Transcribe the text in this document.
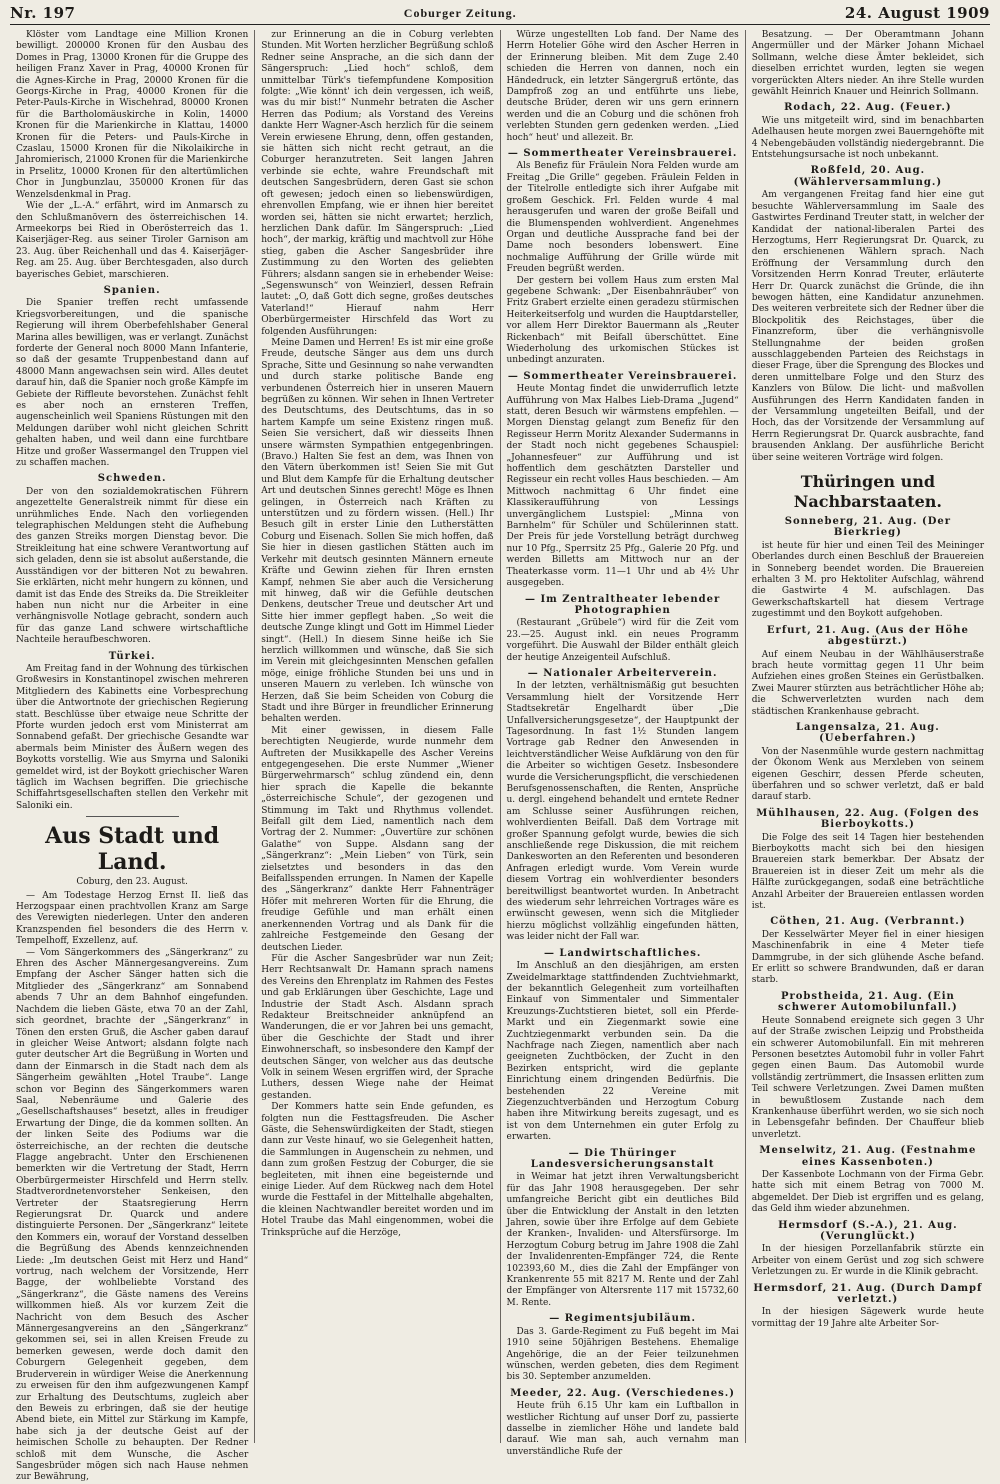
Nr. 197	Coburger Zeitung.	24. August 1909

Klöster vom Landtage eine Million Kronen bewilligt. 200000 Kronen für den Ausbau des Domes in Prag, 13000 Kronen für die Gruppe des heiligen Franz Xaver in Prag, 40000 Kronen für die Agnes-Kirche in Prag, 20000 Kronen für die Georgs-Kirche in Prag, 40000 Kronen für die Peter-Pauls-Kirche in Wischehrad, 80000 Kronen für die Bartholomäuskirche in Kolin, 14000 Kronen für die Marienkirche in Klattau, 14000 Kronen für die Peters- und Pauls-Kirche in Czaslau, 15000 Kronen für die Nikolaikirche in Jahromierisch, 21000 Kronen für die Marienkirche in Prselitz, 10000 Kronen für den altertümlichen Chor in Jungbunzlau, 350000 Kronen für das Wenzelsdenkmal in Prag.

Wie der „L.-A.“ erfährt, wird im Anmarsch zu den Schlußmanövern des österreichischen 14. Armeekorps bei Ried in Oberösterreich das 1. Kaiserjäger-Reg. aus seiner Tiroler Garnison am 23. Aug. über Reichenhall und das 4. Kaiserjäger-Reg. am 25. Aug. über Berchtesgaden, also durch bayerisches Gebiet, marschieren.

Spanien.

Die Spanier treffen recht umfassende Kriegsvorbereitungen, und die spanische Regierung will ihrem Oberbefehlshaber General Marina alles bewilligen, was er verlangt. Zunächst forderte der General noch 8000 Mann Infanterie, so daß der gesamte Truppenbestand dann auf 48000 Mann angewachsen sein wird. Alles deutet darauf hin, daß die Spanier noch große Kämpfe im Gebiete der Riffleute bevorstehen. Zunächst fehlt es aber noch an ernsteren Treffen, augenscheinlich weil Spaniens Rüstungen mit den Meldungen darüber wohl nicht gleichen Schritt gehalten haben, und weil dann eine furchtbare Hitze und großer Wassermangel den Truppen viel zu schaffen machen.

Schweden.

Der von den sozialdemokratischen Führern angezettelte Generalstreik nimmt für diese ein unrühmliches Ende. Nach den vorliegenden telegraphischen Meldungen steht die Aufhebung des ganzen Streiks morgen Dienstag bevor. Die Streikleitung hat eine schwere Verantwortung auf sich geladen, denn sie ist absolut außerstande, die Ausständigen vor der bitteren Not zu bewahren. Sie erklärten, nicht mehr hungern zu können, und damit ist das Ende des Streiks da. Die Streikleiter haben nun nicht nur die Arbeiter in eine verhängnisvolle Notlage gebracht, sondern auch für das ganze Land schwere wirtschaftliche Nachteile heraufbeschworen.

Türkei.

Am Freitag fand in der Wohnung des türkischen Großwesirs in Konstantinopel zwischen mehreren Mitgliedern des Kabinetts eine Vorbesprechung über die Antwortnote der griechischen Regierung statt. Beschlüsse über etwaige neue Schritte der Pforte wurden jedoch erst vom Ministerrat am Sonnabend gefaßt. Der griechische Gesandte war abermals beim Minister des Äußern wegen des Boykotts vorstellig. Wie aus Smyrna und Saloniki gemeldet wird, ist der Boykott griechischer Waren täglich im Wachsen begriffen. Die griechische Schiffahrtsgesellschaften stellen den Verkehr mit Saloniki ein.

Aus Stadt und Land.
Coburg, den 23. August.

— Am Todestage Herzog Ernst II. ließ das Herzogspaar einen prachtvollen Kranz am Sarge des Verewigten niederlegen. Unter den anderen Kranzspenden fiel besonders die des Herrn v. Tempelhoff, Exzellenz, auf.

— Vom Sängerkommers des „Sängerkranz“ zu Ehren des Ascher Männergesangvereins. Zum Empfang der Ascher Sänger hatten sich die Mitglieder des „Sängerkranz“ am Sonnabend abends 7 Uhr an dem Bahnhof eingefunden. Nachdem die lieben Gäste, etwa 70 an der Zahl, sich geordnet, brachte der „Sängerkranz“ in Tönen den ersten Gruß, die Ascher gaben darauf in gleicher Weise Antwort; alsdann folgte nach guter deutscher Art die Begrüßung in Worten und dann der Einmarsch in die Stadt nach dem als Sängerheim gewählten „Hotel Traube“. Lange schon vor Beginn des Sängerkommers waren Saal, Nebenräume und Galerie des „Gesellschaftshauses“ besetzt, alles in freudiger Erwartung der Dinge, die da kommen sollten. An der linken Seite des Podiums war die österreichische, an der rechten die deutsche Flagge angebracht. Unter den Erschienenen bemerkten wir die Vertretung der Stadt, Herrn Oberbürgermeister Hirschfeld und Herrn stellv. Stadtverordnetenvorsteher Senkeisen, den Vertreter der Staatsregierung Herrn Regierungsrat Dr. Quarck und andere distinguierte Personen. Der „Sängerkranz“ leitete den Kommers ein, worauf der Vorstand desselben die Begrüßung des Abends kennzeichnenden Liede: „Im deutschen Geist mit Herz und Hand“ vortrug, nach welchem der Vorsitzende, Herr Bagge, der wohlbeliebte Vorstand des „Sängerkranz“, die Gäste namens des Vereins willkommen hieß. Als vor kurzem Zeit die Nachricht von dem Besuch des Ascher Männergesangvereins an den „Sängerkranz“ gekommen sei, sei in allen Kreisen Freude zu bemerken gewesen, werde doch damit den Coburgern Gelegenheit gegeben, dem Bruderverein in würdiger Weise die Anerkennung zu erweisen für den ihm aufgezwungenen Kampf zur Erhaltung des Deutschtums, zugleich aber den Beweis zu erbringen, daß sie der heutige Abend biete, ein Mittel zur Stärkung im Kampfe, habe sich ja der deutsche Geist auf der heimischen Scholle zu behaupten. Der Redner schloß mit dem Wunsche, die Ascher Sangesbrüder mögen sich nach Hause nehmen zur Bewährung,

zur Erinnerung an die in Coburg verlebten Stunden. Mit Worten herzlicher Begrüßung schloß Redner seine Ansprache, an die sich dann der Sängerspruch: „Lied hoch“ schloß, dem unmittelbar Türk's tiefempfundene Komposition folgte: „Wie könnt' ich dein vergessen, ich weiß, was du mir bist!“ Nunmehr betraten die Ascher Herren das Podium; als Vorstand des Vereins dankte Herr Wagner-Asch herzlich für die seinem Verein erwiesene Ehrung, denn, offen gestanden, sie hätten sich nicht recht getraut, an die Coburger heranzutreten. Seit langen Jahren verbinde sie echte, wahre Freundschaft mit deutschen Sangesbrüdern, deren Gast sie schon oft gewesen; jedoch einen so liebenswürdigen, ehrenvollen Empfang, wie er ihnen hier bereitet worden sei, hätten sie nicht erwartet; herzlich, herzlichen Dank dafür. Im Sängerspruch: „Lied hoch“, der markig, kräftig und machtvoll zur Höhe stieg, gaben die Ascher Sangesbrüder ihre Zustimmung zu den Worten des geliebten Führers; alsdann sangen sie in erhebender Weise: „Segenswunsch“ von Weinzierl, dessen Refrain lautet: „O, daß Gott dich segne, großes deutsches Vaterland!“ Hierauf nahm Herr Oberbürgermeister Hirschfeld das Wort zu folgenden Ausführungen:

Meine Damen und Herren! Es ist mir eine große Freude, deutsche Sänger aus dem uns durch Sprache, Sitte und Gesinnung so nahe verwandten und durch starke politische Bande eng verbundenen Österreich hier in unseren Mauern begrüßen zu können. Wir sehen in Ihnen Vertreter des Deutschtums, des Deutschtums, das in so hartem Kampfe um seine Existenz ringen muß. Seien Sie versichert, daß wir diesseits Ihnen unsere wärmsten Sympathien entgegenbringen. (Bravo.) Halten Sie fest an dem, was Ihnen von den Vätern überkommen ist! Seien Sie mit Gut und Blut dem Kampfe für die Erhaltung deutscher Art und deutschen Sinnes gerecht! Möge es Ihnen gelingen, in Österreich nach Kräften zu unterstützen und zu fördern wissen. (Hell.) Ihr Besuch gilt in erster Linie den Lutherstätten Coburg und Eisenach. Sollen Sie mich hoffen, daß Sie hier in diesen gastlichen Stätten auch im Verkehr mit deutsch gesinnten Männern erneute Kräfte und Gewinn ziehen für Ihren ernsten Kampf, nehmen Sie aber auch die Versicherung mit hinweg, daß wir die Gefühle deutschen Denkens, deutscher Treue und deutscher Art und Sitte hier immer gepflegt haben. „So weit die deutsche Zunge klingt und Gott im Himmel Lieder singt“. (Hell.) In diesem Sinne heiße ich Sie herzlich willkommen und wünsche, daß Sie sich im Verein mit gleichgesinnten Menschen gefallen möge, einige fröhliche Stunden bei uns und in unseren Mauern zu verleben. Ich wünsche von Herzen, daß Sie beim Scheiden von Coburg die Stadt und ihre Bürger in freundlicher Erinnerung behalten werden.

Mit einer gewissen, in diesem Falle berechtigten Neugierde, wurde nunmehr dem Auftreten der Musikkapelle des Ascher Vereins entgegengesehen. Die erste Nummer „Wiener Bürgerwehrmarsch“ schlug zündend ein, denn hier sprach die Kapelle die bekannte „österreichische Schule“, der gezogenen und Stimmung im Takt und Rhythmus vollendet. Beifall gilt dem Lied, namentlich nach dem Vortrag der 2. Nummer: „Ouvertüre zur schönen Galathe“ von Suppe. Alsdann sang der „Sängerkranz“: „Mein Lieben“ von Türk, sein zielsetztes und besonders in das den Beifallsspenden errungen. In Namen der Kapelle des „Sängerkranz“ dankte Herr Fahnenträger Höfer mit mehreren Worten für die Ehrung, die freudige Gefühle und man erhält einen anerkennenden Vortrag und als Dank für die zahlreiche Festgemeinde den Gesang der deutschen Lieder.

Für die Ascher Sangesbrüder war nun Zeit; Herr Rechtsanwalt Dr. Hamann sprach namens des Vereins den Ehrenplatz im Rahmen des Festes und gab Erklärungen über Geschichte, Lage und Industrie der Stadt Asch. Alsdann sprach Redakteur Breitschneider anknüpfend an Wanderungen, die er vor Jahren bei uns gemacht, über die Geschichte der Stadt und ihrer Einwohnerschaft, so insbesondere den Kampf der deutschen Sänger, von welcher aus das deutsche Volk in seinem Wesen ergriffen wird, der Sprache Luthers, dessen Wiege nahe der Heimat gestanden.

Der Kommers hatte sein Ende gefunden, es folgten nun die Festtagsfreuden. Die Ascher Gäste, die Sehenswürdigkeiten der Stadt, stiegen dann zur Veste hinauf, wo sie Gelegenheit hatten, die Sammlungen in Augenschein zu nehmen, und dann zum großen Festzug der Coburger, die sie begleiteten, mit ihnen eine begeisternde und einige Lieder. Auf dem Rückweg nach dem Hotel wurde die Festtafel in der Mittelhalle abgehalten, die kleinen Nachtwandler bereitet worden und im Hotel Traube das Mahl eingenommen, wobei die Trinksprüche auf die Herzöge,

Würze ungestellten Lob fand. Der Name des Herrn Hotelier Göhe wird den Ascher Herren in der Erinnerung bleiben. Mit dem Zuge 2.40 schieden die Herren von dannen, noch ein Händedruck, ein letzter Sängergruß ertönte, das Dampfroß zog an und entführte uns liebe, deutsche Brüder, deren wir uns gern erinnern werden und die an Coburg und die schönen froh verlebten Stunden gern gedenken werden. „Lied hoch“ heut' und allezeit. Br.

— Sommertheater Vereinsbrauerei.

Als Benefiz für Fräulein Nora Felden wurde am Freitag „Die Grille“ gegeben. Fräulein Felden in der Titelrolle entledigte sich ihrer Aufgabe mit großem Geschick. Frl. Felden wurde 4 mal herausgerufen und waren der große Beifall und die Blumenspenden wohlverdient. Angenehmes Organ und deutliche Aussprache fand bei der Dame noch besonders lobenswert. Eine nochmalige Aufführung der Grille würde mit Freuden begrüßt werden.

Der gestern bei vollem Haus zum ersten Mal gegebene Schwank: „Der Eisenbahnräuber“ von Fritz Grabert erzielte einen geradezu stürmischen Heiterkeitserfolg und wurden die Hauptdarsteller, vor allem Herr Direktor Bauermann als „Reuter Rickenbach“ mit Beifall überschüttet. Eine Wiederholung des urkomischen Stückes ist unbedingt anzuraten.

— Sommertheater Vereinsbrauerei.

Heute Montag findet die unwiderruflich letzte Aufführung von Max Halbes Lieb-Drama „Jugend“ statt, deren Besuch wir wärmstens empfehlen. — Morgen Dienstag gelangt zum Benefiz für den Regisseur Herrn Moritz Alexander Sudermanns in der Stadt noch nicht gegebenes Schauspiel: „Johannesfeuer“ zur Aufführung und ist hoffentlich dem geschätzten Darsteller und Regisseur ein recht volles Haus beschieden. — Am Mittwoch nachmittag 6 Uhr findet eine Klassikeraufführung von Lessings unvergänglichem Lustspiel: „Minna von Barnhelm“ für Schüler und Schülerinnen statt. Der Preis für jede Vorstellung beträgt durchweg nur 10 Pfg., Sperrsitz 25 Pfg., Galerie 20 Pfg. und werden Billetts am Mittwoch nur an der Theaterkasse vorm. 11—1 Uhr und ab 4½ Uhr ausgegeben.

— Im Zentraltheater lebender Photographien

(Restaurant „Grübele“) wird für die Zeit vom 23.—25. August inkl. ein neues Programm vorgeführt. Die Auswahl der Bilder enthält gleich der heutige Anzeigenteil Aufschluß.

— Nationaler Arbeiterverein.

In der letzten, verhältnismäßig gut besuchten Versammlung hielt der Vorsitzende Herr Stadtsekretär Engelhardt über „Die Unfallversicherungsgesetze“, der Hauptpunkt der Tagesordnung. In fast 1½ Stunden langem Vortrage gab Redner den Anwesenden in leichtverständlicher Weise Aufklärung von den für die Arbeiter so wichtigen Gesetz. Insbesondere wurde die Versicherungspflicht, die verschiedenen Berufsgenossenschaften, die Renten, Ansprüche u. dergl. eingehend behandelt und erntete Redner am Schlusse seiner Ausführungen reichen, wohlverdienten Beifall. Daß dem Vortrage mit großer Spannung gefolgt wurde, bewies die sich anschließende rege Diskussion, die mit reichem Dankesworten an den Referenten und besonderen Anfragen erledigt wurde. Vom Verein wurde diesem Vortrag ein wohlverdienter besonders bereitwilligst beantwortet wurden. In Anbetracht des wiederum sehr lehrreichen Vortrages wäre es erwünscht gewesen, wenn sich die Mitglieder hierzu möglichst vollzählig eingefunden hätten, was leider nicht der Fall war.

— Landwirtschaftliches.

Im Anschluß an den diesjährigen, am ersten Zweidelmarktage stattfindenden Zuchtviehmarkt, der bekanntlich Gelegenheit zum vorteilhaften Einkauf von Simmentaler und Simmentaler Kreuzungs-Zuchtstieren bietet, soll ein Pferde-Markt und ein Ziegenmarkt sowie eine Zuchtziegenmarkt verbunden sein. Da die Nachfrage nach Ziegen, namentlich aber nach geeigneten Zuchtböcken, der Zucht in den Bezirken entspricht, wird die geplante Einrichtung einem dringenden Bedürfnis. Die bestehenden 22 Vereine mit Ziegenzuchtverbänden und Herzogtum Coburg haben ihre Mitwirkung bereits zugesagt, und es ist von dem Unternehmen ein guter Erfolg zu erwarten.

— Die Thüringer Landesversicherungsanstalt

in Weimar hat jetzt ihren Verwaltungsbericht für das Jahr 1908 herausgegeben. Der sehr umfangreiche Bericht gibt ein deutliches Bild über die Entwicklung der Anstalt in den letzten Jahren, sowie über ihre Erfolge auf dem Gebiete der Kranken-, Invaliden- und Altersfürsorge. Im Herzogtum Coburg betrug im Jahre 1908 die Zahl der Invalidenrenten-Empfänger 724, die Rente 102393,60 M., dies die Zahl der Empfänger von Krankenrente 55 mit 8217 M. Rente und der Zahl der Empfänger von Altersrente 117 mit 15732,60 M. Rente.

— Regimentsjubiläum.

Das 3. Garde-Regiment zu Fuß begeht im Mai 1910 seine 50jährigen Bestehens. Ehemalige Angehörige, die an der Feier teilzunehmen wünschen, werden gebeten, dies dem Regiment bis 30. September anzumelden.

Meeder, 22. Aug. (Verschiedenes.)

Heute früh 6.15 Uhr kam ein Luftballon in westlicher Richtung auf unser Dorf zu, passierte dasselbe in ziemlicher Höhe und landete bald darauf. Wie man sah, auch vernahm man unverständliche Rufe der

Besatzung. — Der Oberamtmann Johann Angermüller und der Märker Johann Michael Sollmann, welche diese Ämter bekleidet, sich dieselben errichtet wurden, legten sie wegen vorgerückten Alters nieder. An ihre Stelle wurden gewählt Heinrich Knauer und Heinrich Sollmann.

Rodach, 22. Aug. (Feuer.)

Wie uns mitgeteilt wird, sind im benachbarten Adelhausen heute morgen zwei Bauerngehöfte mit 4 Nebengebäuden vollständig niedergebrannt. Die Entstehungsursache ist noch unbekannt.

Roßfeld, 20. Aug. (Wählerversammlung.)

Am vergangenen Freitag fand hier eine gut besuchte Wählerversammlung im Saale des Gastwirtes Ferdinand Treuter statt, in welcher der Kandidat der national-liberalen Partei des Herzogtums, Herr Regierungsrat Dr. Quarck, zu den erschienenen Wählern sprach. Nach Eröffnung der Versammlung durch den Vorsitzenden Herrn Konrad Treuter, erläuterte Herr Dr. Quarck zunächst die Gründe, die ihn bewogen hätten, eine Kandidatur anzunehmen. Des weiteren verbreitete sich der Redner über die Blockpolitik des Reichstages, über die Finanzreform, über die verhängnisvolle Stellungnahme der beiden großen ausschlaggebenden Parteien des Reichstags in dieser Frage, über die Sprengung des Blockes und deren unmittelbare Folge und den Sturz des Kanzlers von Bülow. Die licht- und maßvollen Ausführungen des Herrn Kandidaten fanden in der Versammlung ungeteilten Beifall, und der Hoch, das der Vorsitzende der Versammlung auf Herrn Regierungsrat Dr. Quarck ausbrachte, fand brausenden Anklang. Der ausführliche Bericht über seine weiteren Vorträge wird folgen.

Thüringen und Nachbarstaaten.
Sonneberg, 21. Aug. (Der Bierkrieg)

ist heute für hier und einen Teil des Meininger Oberlandes durch einen Beschluß der Brauereien in Sonneberg beendet worden. Die Brauereien erhalten 3 M. pro Hektoliter Aufschlag, während die Gastwirte 4 M. aufschlagen. Das Gewerkschaftskartell hat diesem Vertrage zugestimmt und den Boykott aufgehoben.

Erfurt, 21. Aug. (Aus der Höhe abgestürzt.)

Auf einem Neubau in der Wählhäuserstraße brach heute vormittag gegen 11 Uhr beim Aufziehen eines großen Steines ein Gerüstbalken. Zwei Maurer stürzten aus beträchtlicher Höhe ab; die Schwerverletzten wurden nach dem städtischen Krankenhause gebracht.

Langensalza, 21. Aug. (Ueberfahren.)

Von der Nasenmühle wurde gestern nachmittag der Ökonom Wenk aus Merxleben von seinem eigenen Geschirr, dessen Pferde scheuten, überfahren und so schwer verletzt, daß er bald darauf starb.

Mühlhausen, 22. Aug. (Folgen des Bierboykotts.)

Die Folge des seit 14 Tagen hier bestehenden Bierboykotts macht sich bei den hiesigen Brauereien stark bemerkbar. Der Absatz der Brauereien ist in dieser Zeit um mehr als die Hälfte zurückgegangen, sodaß eine beträchtliche Anzahl Arbeiter der Brauereien entlassen worden ist.

Cöthen, 21. Aug. (Verbrannt.)

Der Kesselwärter Meyer fiel in einer hiesigen Maschinenfabrik in eine 4 Meter tiefe Dammgrube, in der sich glühende Asche befand. Er erlitt so schwere Brandwunden, daß er daran starb.

Probstheida, 21. Aug. (Ein schwerer Automobilunfall.)

Heute Sonnabend ereignete sich gegen 3 Uhr auf der Straße zwischen Leipzig und Probstheida ein schwerer Automobilunfall. Ein mit mehreren Personen besetztes Automobil fuhr in voller Fahrt gegen einen Baum. Das Automobil wurde vollständig zertrümmert, die Insassen erlitten zum Teil schwere Verletzungen. Zwei Damen mußten in bewußtlosem Zustande nach dem Krankenhause überführt werden, wo sie sich noch in Lebensgefahr befinden. Der Chauffeur blieb unverletzt.

Menselwitz, 21. Aug. (Festnahme eines Kassenboten.)

Der Kassenbote Lochmann von der Firma Gebr. hatte sich mit einem Betrag von 7000 M. abgemeldet. Der Dieb ist ergriffen und es gelang, das Geld ihm wieder abzunehmen.

Hermsdorf (S.-A.), 21. Aug. (Verunglückt.)

In der hiesigen Porzellanfabrik stürzte ein Arbeiter von einem Gerüst und zog sich schwere Verletzungen zu. Er wurde in die Klinik gebracht.

Hermsdorf, 21. Aug. (Durch Dampf verletzt.)

In der hiesigen Sägewerk wurde heute vormittag der 19 Jahre alte Arbeiter Sor-
